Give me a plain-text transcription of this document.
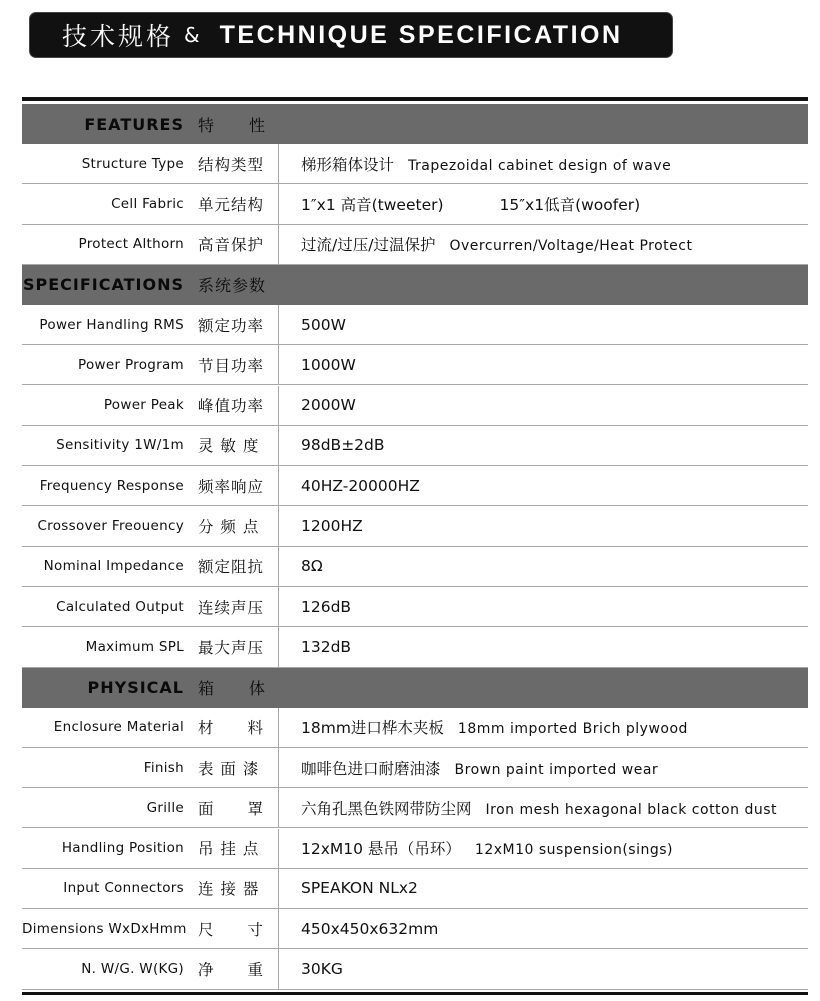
技术规格 & TECHNIQUE SPECIFICATION
FEATURES 特　　性
Structure Type 结构类型 梯形箱体设计 Trapezoidal cabinet design of wave
Cell Fabric 单元结构 1″x1 高音(tweeter)	15″x1低音(woofer)
Protect Althorn 高音保护 过流/过压/过温保护 Overcurren/Voltage/Heat Protect
SPECIFICATIONS 系统参数
Power Handling RMS 额定功率 500W
Power Program 节目功率 1000W
Power Peak 峰值功率 2000W
Sensitivity 1W/1m 灵 敏 度	98dB±2dB
Frequency Response 频率响应 40HZ-20000HZ
Crossover Freouency 分 频 点	1200HZ
Nominal Impedance 额定阻抗 8Ω
Calculated Output 连续声压 126dB
Maximum SPL 最大声压 132dB
PHYSICAL 箱　　体
Enclosure Material 材　　料 18mm进口桦木夹板 18mm imported Brich plywood
Finish 表 面 漆	咖啡色进口耐磨油漆 Brown paint imported wear
Grille 面　　罩 六角孔黑色铁网带防尘网 Iron mesh hexagonal black cotton dust
Handling Position 吊 挂 点	12xM10 悬吊（吊环） 12xM10 suspension(sings)
Input Connectors 连 接 器	SPEAKON NLx2
Dimensions WxDxHmm 尺　　寸 450x450x632mm
N. W/G. W(KG) 净　　重 30KG
